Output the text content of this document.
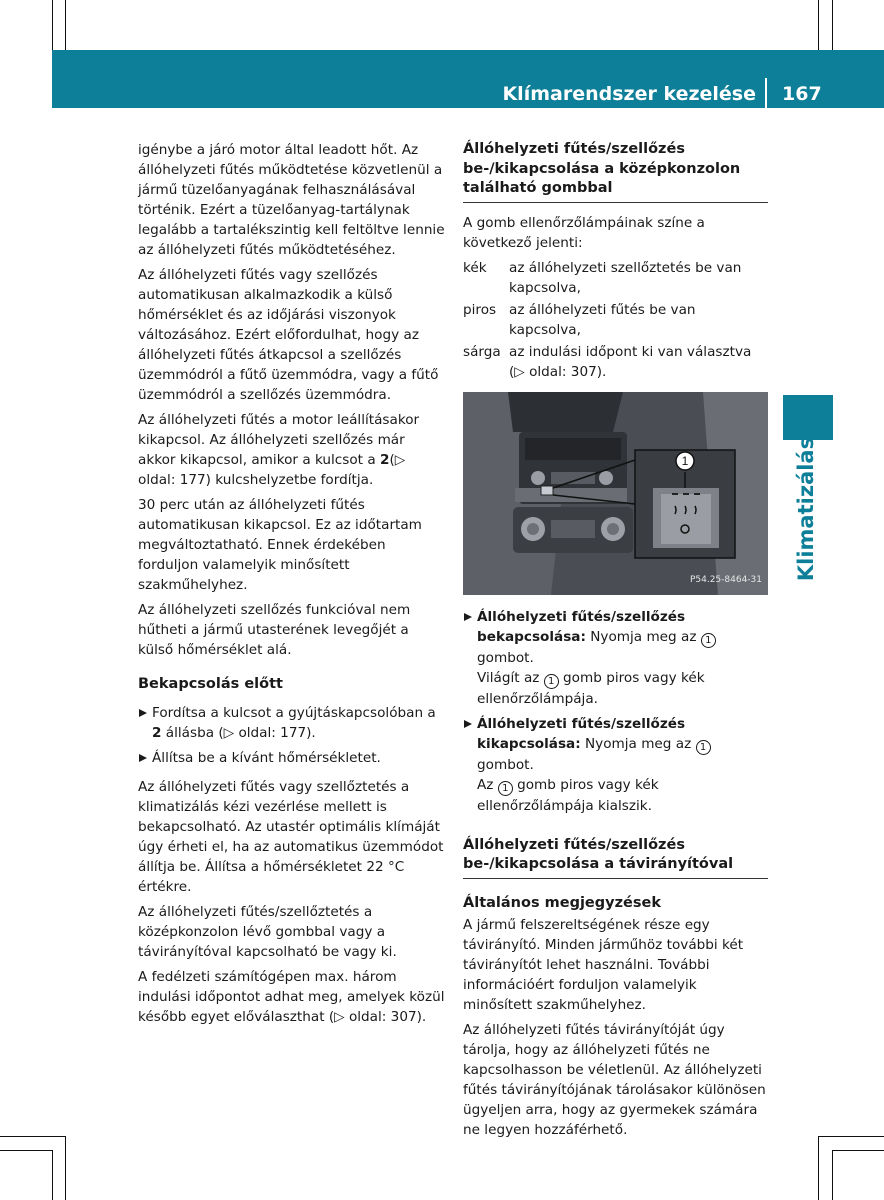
Klímarendszer kezelése 167
Klimatizálás

igénybe a járó motor által leadott hőt. Az állóhelyzeti fűtés működtetése közvetlenül a jármű tüzelőanyagának felhasználásával történik. Ezért a tüzelőanyag-tartálynak legalább a tartalékszintig kell feltöltve lennie az állóhelyzeti fűtés működtetéséhez.

Az állóhelyzeti fűtés vagy szellőzés automatikusan alkalmazkodik a külső hőmérséklet és az időjárási viszonyok változásához. Ezért előfordulhat, hogy az állóhelyzeti fűtés átkapcsol a szellőzés üzemmódról a fűtő üzemmódra, vagy a fűtő üzemmódról a szellőzés üzemmódra.

Az állóhelyzeti fűtés a motor leállításakor kikapcsol. Az állóhelyzeti szellőzés már akkor kikapcsol, amikor a kulcsot a 2(▷ oldal: 177) kulcshelyzetbe fordítja.

30 perc után az állóhelyzeti fűtés automatikusan kikapcsol. Ez az időtartam megváltoztatható. Ennek érdekében forduljon valamelyik minősített szakműhelyhez.

Az állóhelyzeti szellőzés funkcióval nem hűtheti a jármű utasterének levegőjét a külső hőmérséklet alá.

Bekapcsolás előtt
Fordítsa a kulcsot a gyújtáskapcsolóban a 2 állásba (▷ oldal: 177).
Állítsa be a kívánt hőmérsékletet.

Az állóhelyzeti fűtés vagy szellőztetés a klimatizálás kézi vezérlése mellett is bekapcsolható. Az utastér optimális klímáját úgy érheti el, ha az automatikus üzemmódot állítja be. Állítsa a hőmérsékletet 22 °C értékre.

Az állóhelyzeti fűtés/szellőztetés a középkonzolon lévő gombbal vagy a távirányítóval kapcsolható be vagy ki.

A fedélzeti számítógépen max. három indulási időpontot adhat meg, amelyek közül később egyet előválaszthat (▷ oldal: 307).

Állóhelyzeti fűtés/szellőzés be-/kikapcsolása a középkonzolon található gombbal

A gomb ellenőrzőlámpáinak színe a következő jelenti:

kék	az állóhelyzeti szellőztetés be van kapcsolva,
piros az állóhelyzeti fűtés be van kapcsolva,
sárga az indulási időpont ki van választva (▷ oldal: 307).
1
P54.25-8464-31
Állóhelyzeti fűtés/szellőzés bekapcsolása: Nyomja meg az 1 gombot.
Világít az 1 gomb piros vagy kék ellenőrzőlámpája.
Állóhelyzeti fűtés/szellőzés kikapcsolása: Nyomja meg az 1 gombot.
Az 1 gomb piros vagy kék ellenőrzőlámpája kialszik.
Állóhelyzeti fűtés/szellőzés be-/kikapcsolása a távirányítóval
Általános megjegyzések

A jármű felszereltségének része egy távirányító. Minden járműhöz további két távirányítót lehet használni. További információért forduljon valamelyik minősített szakműhelyhez.

Az állóhelyzeti fűtés távirányítóját úgy tárolja, hogy az állóhelyzeti fűtés ne kapcsolhasson be véletlenül. Az állóhelyzeti fűtés távirányítójának tárolásakor különösen ügyeljen arra, hogy az gyermekek számára ne legyen hozzáférhető.
